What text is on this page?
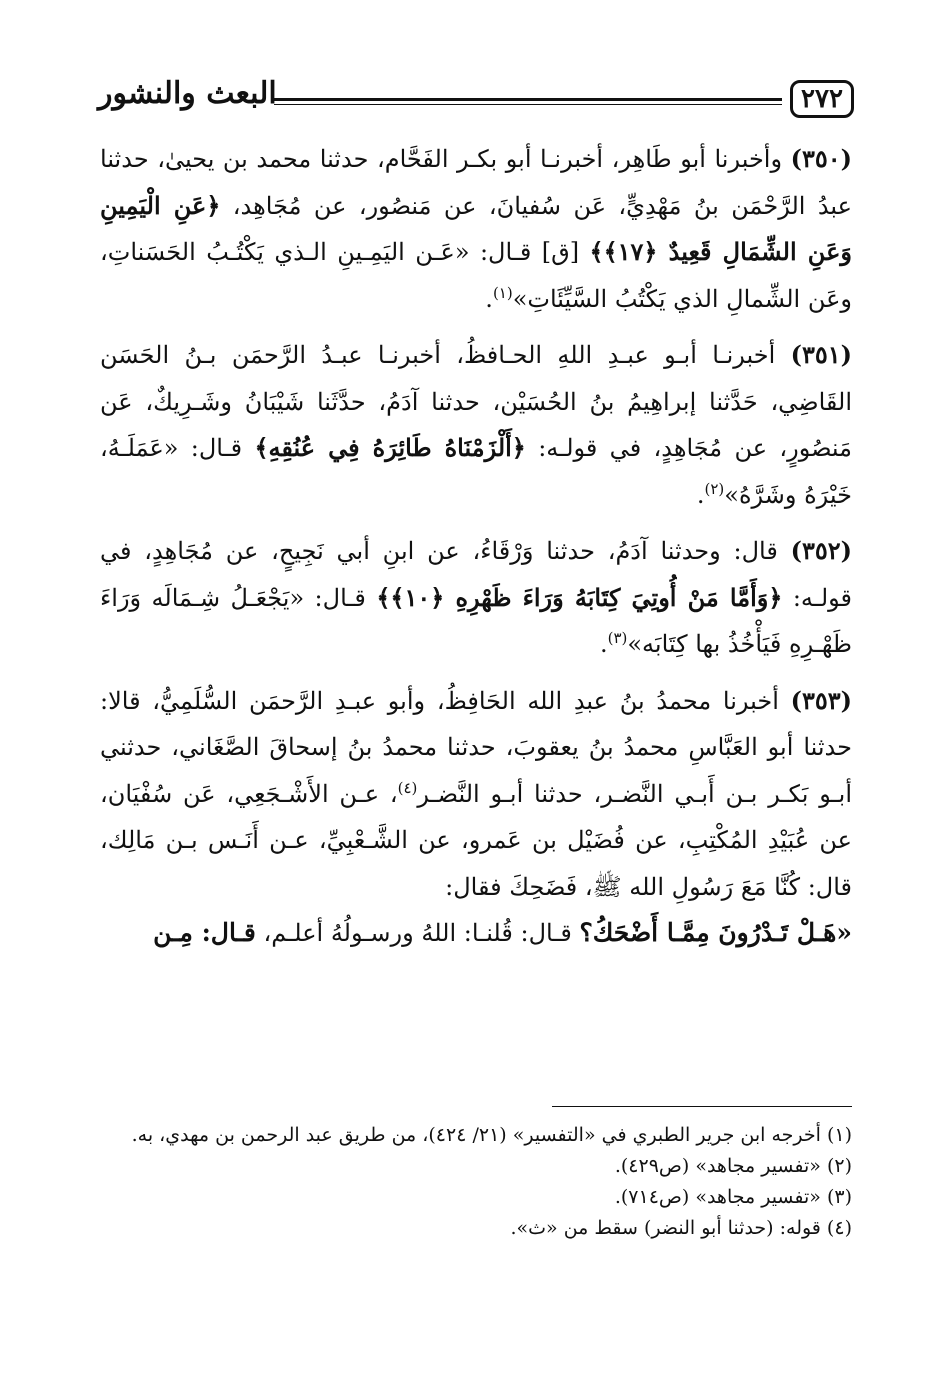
٢٧٢
البعث والنشور

(٣٥٠) وأخبرنا أبو طَاهِر، أخبرنـا أبو بكـر الفَحَّام، حدثنا محمد بن يحيىٰ، حدثنا عبدُ الرَّحْمَن بنُ مَهْدِيٍّ، عَن سُفيانَ، عن مَنصُور، عن مُجَاهِد، ﴿عَنِ الْيَمِينِ وَعَنِ الشِّمَالِ قَعِيدٌ ﴿١٧﴾﴾ [ق] قـال: «عَـن اليَمِـينِ الـذي يَكْتُـبُ الحَسَناتِ، وعَن الشِّمالِ الذي يَكْتُبُ السَّيِّئَاتِ»$^{(١)}$.

(٣٥١) أخبرنـا أبـو عبـدِ اللهِ الحـافظُ، أخبرنـا عبـدُ الرَّحمَن بـنُ الحَسَن القَاضِي، حَدَّثنا إبراهِيمُ بنُ الحُسَيْن، حدثنا آدَمُ، حدَّثَنا شَيْبَانُ وشَـرِيكٌ، عَن مَنصُورٍ، عن مُجَاهِدٍ، في قولـه: ﴿أَلْزَمْنَاهُ طَائِرَهُ فِي عُنُقِهِ﴾ قـال: «عَمَلَـهُ، خَيْرَهُ وشَرَّهُ»$^{(٢)}$.

(٣٥٢) قال: وحدثنا آدَمُ، حدثنا وَرْقَاءُ، عن ابنِ أبي نَجِيحٍ، عن مُجَاهِدٍ، في قولـه: ﴿وَأَمَّا مَنْ أُوتِيَ كِتَابَهُ وَرَاءَ ظَهْرِهِ ﴿١٠﴾﴾ قـال: «يَجْعَـلُ شِـمَالَه وَرَاءَ ظَهْـرِهِ فَيَأْخُذُ بها كِتَابَه»$^{(٣)}$.

(٣٥٣) أخبرنا محمدُ بنُ عبدِ الله الحَافِظُ، وأبو عبـدِ الرَّحمَن السُّلَمِيُّ، قالا: حدثنا أبو العَبَّاسِ محمدُ بنُ يعقوبَ، حدثنا محمدُ بنُ إسحاقَ الصَّغَاني، حدثني أبـو بَكـر بـن أَبـي النَّضـر، حدثنا أبـو النَّضـر$^{(٤)}$، عـن الأَشْـجَعِي، عَن سُفْيَان، عن عُبَيْدِ المُكْتِبِ، عن فُضَيْل بن عَمرو، عن الشَّـعْبِيِّ، عـن أَنَـس بـن مَالِك، قال: كُنَّا مَعَ رَسُولِ الله ﷺ، فَضَحِكَ فقال:
«هَـلْ تَـدْرُونَ مِمَّـا أَضْحَكُ؟ قـال: قُلنـا: اللهُ ورسـولُهُ أعلـم، قـال: مِـن

(١) أخرجه ابن جرير الطبري في «التفسير» (٢١/ ٤٢٤)، من طريق عبد الرحمن بن مهدي، به.

(٢) «تفسير مجاهد» (ص٤٢٩).

(٣) «تفسير مجاهد» (ص٧١٤).

(٤) قوله: (حدثنا أبو النضر) سقط من «ث».
